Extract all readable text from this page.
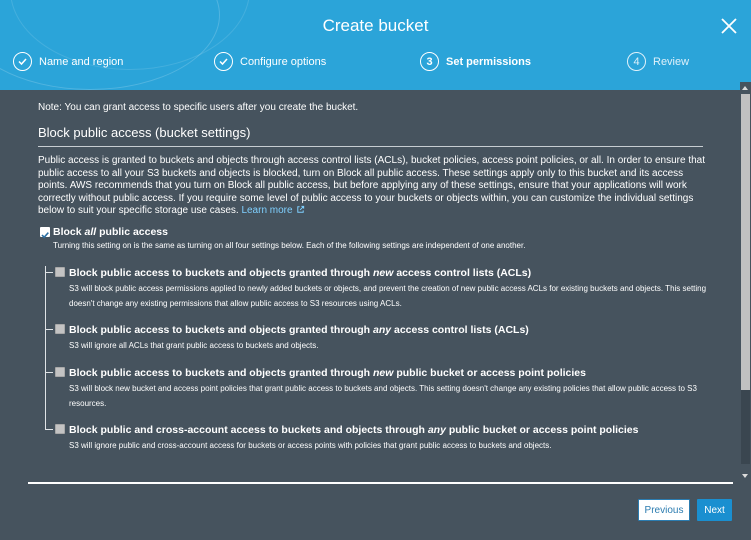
Create bucket
Name and region	Configure options	3	Set permissions	4	Review
Note: You can grant access to specific users after you create the bucket.
Block public access (bucket settings)
Public access is granted to buckets and objects through access control lists (ACLs), bucket policies, access point policies, or all. In order to ensure that public access to all your S3 buckets and objects is blocked, turn on Block all public access. These settings apply only to this bucket and its access points. AWS recommends that you turn on Block all public access, but before applying any of these settings, ensure that your applications will work correctly without public access. If you require some level of public access to your buckets or objects within, you can customize the individual settings below to suit your specific storage use cases. Learn more
Block all public access
Turning this setting on is the same as turning on all four settings below. Each of the following settings are independent of one another.
Block public access to buckets and objects granted through new access control lists (ACLs)
S3 will block public access permissions applied to newly added buckets or objects, and prevent the creation of new public access ACLs for existing buckets and objects. This setting doesn't change any existing permissions that allow public access to S3 resources using ACLs.
Block public access to buckets and objects granted through any access control lists (ACLs)
S3 will ignore all ACLs that grant public access to buckets and objects.
Block public access to buckets and objects granted through new public bucket or access point policies
S3 will block new bucket and access point policies that grant public access to buckets and objects. This setting doesn't change any existing policies that allow public access to S3 resources.
Block public and cross-account access to buckets and objects through any public bucket or access point policies
S3 will ignore public and cross-account access for buckets or access points with policies that grant public access to buckets and objects.
Previous	Next
